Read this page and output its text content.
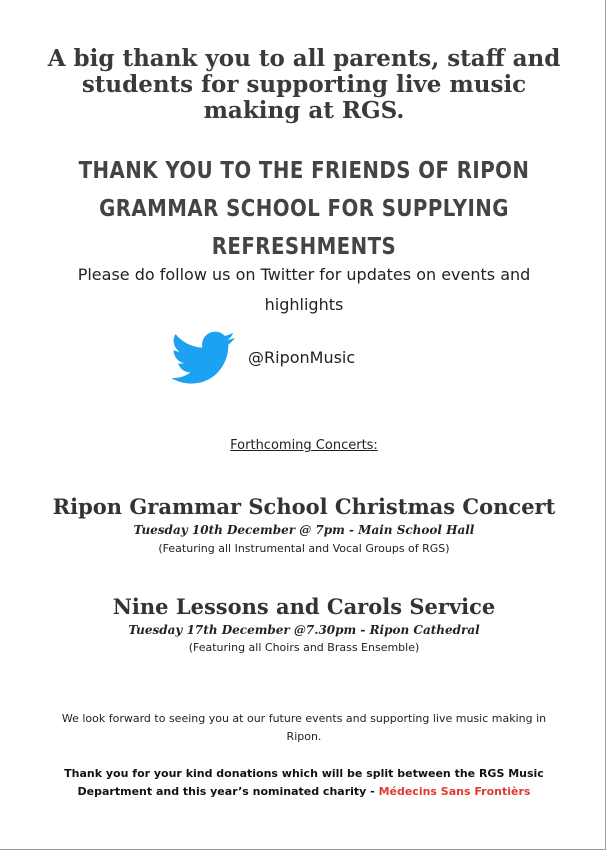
A big thank you to all parents, staff and students for supporting live music making at RGS.
THANK YOU TO THE FRIENDS OF RIPON GRAMMAR SCHOOL FOR SUPPLYING REFRESHMENTS

Please do follow us on Twitter for updates on events and highlights

@RiponMusic

Forthcoming Concerts:

Ripon Grammar School Christmas Concert

Tuesday 10th December @ 7pm - Main School Hall

(Featuring all Instrumental and Vocal Groups of RGS)

Nine Lessons and Carols Service

Tuesday 17th December @7.30pm - Ripon Cathedral

(Featuring all Choirs and Brass Ensemble)

We look forward to seeing you at our future events and supporting live music making in Ripon.

Thank you for your kind donations which will be split between the RGS Music Department and this year’s nominated charity - Médecins Sans Frontièrs
